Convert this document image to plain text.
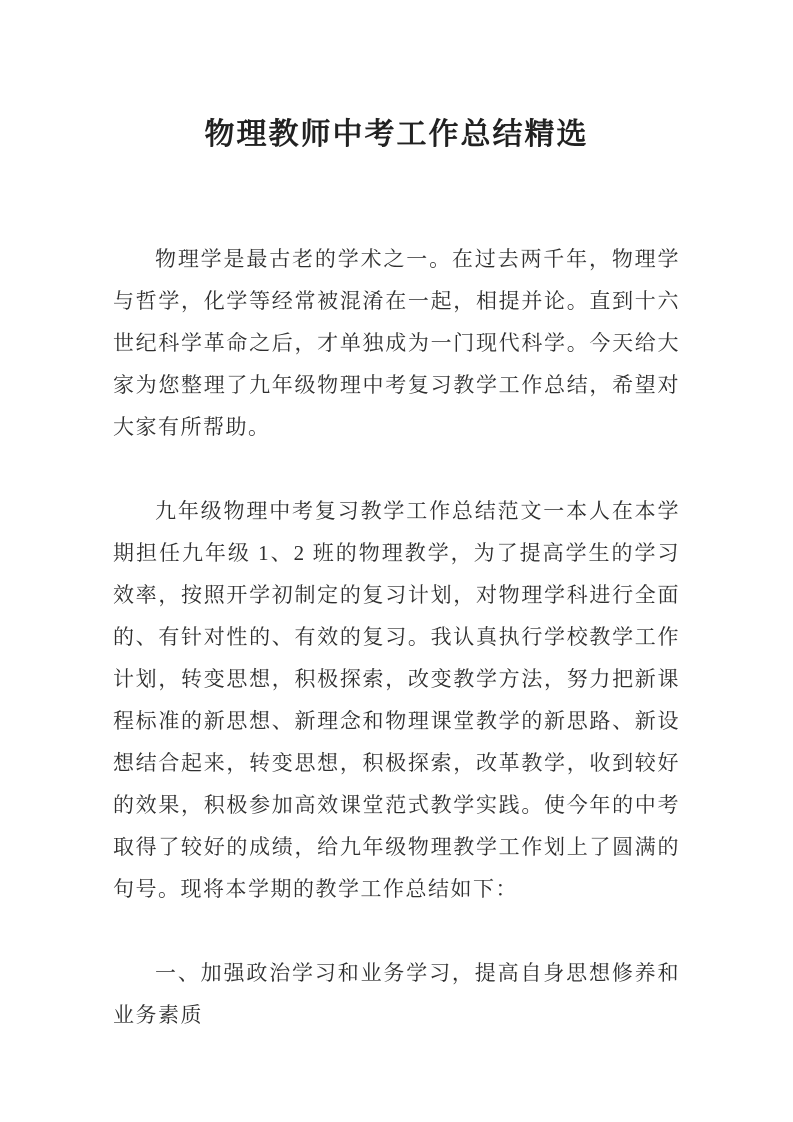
物理教师中考工作总结精选

物理学是最古老的学术之一。在过去两千年，物理学与哲学，化学等经常被混淆在一起，相提并论。直到十六世纪科学革命之后，才单独成为一门现代科学。今天给大家为您整理了九年级物理中考复习教学工作总结，希望对大家有所帮助。

九年级物理中考复习教学工作总结范文一本人在本学期担任九年级 1、2 班的物理教学，为了提高学生的学习效率，按照开学初制定的复习计划，对物理学科进行全面的、有针对性的、有效的复习。我认真执行学校教学工作计划，转变思想，积极探索，改变教学方法，努力把新课程标准的新思想、新理念和物理课堂教学的新思路、新设想结合起来，转变思想，积极探索，改革教学，收到较好的效果，积极参加高效课堂范式教学实践。使今年的中考取得了较好的成绩，给九年级物理教学工作划上了圆满的句号。现将本学期的教学工作总结如下：

一、加强政治学习和业务学习，提高自身思想修养和业务素质
